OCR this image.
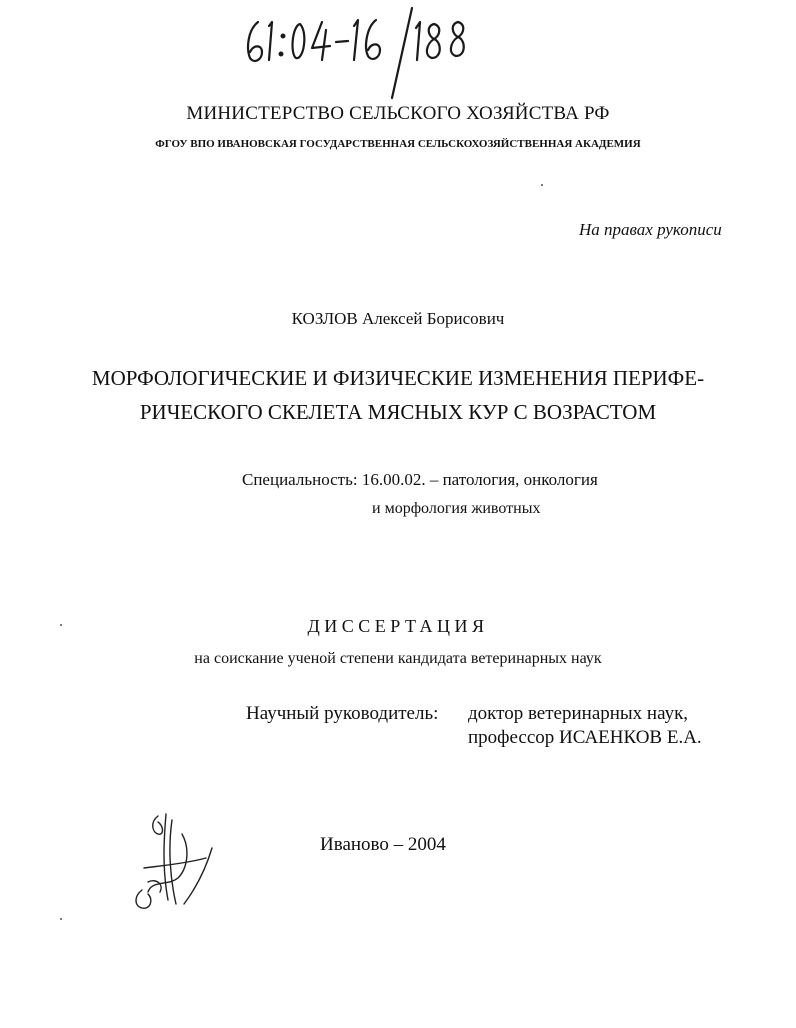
МИНИСТЕРСТВО СЕЛЬСКОГО ХОЗЯЙСТВА РФ
ФГОУ ВПО ИВАНОВСКАЯ ГОСУДАРСТВЕННАЯ СЕЛЬСКОХОЗЯЙСТВЕННАЯ АКАДЕМИЯ
На правах рукописи
КОЗЛОВ Алексей Борисович
МОРФОЛОГИЧЕСКИЕ И ФИЗИЧЕСКИЕ ИЗМЕНЕНИЯ ПЕРИФЕ-
РИЧЕСКОГО СКЕЛЕТА МЯСНЫХ КУР С ВОЗРАСТОМ
Специальность: 16.00.02. – патология, онкология
и морфология животных
ДИССЕРТАЦИЯ
на соискание ученой степени кандидата ветеринарных наук
Научный руководитель: доктор ветеринарных наук,
профессор ИСАЕНКОВ Е.А.
Иваново – 2004
